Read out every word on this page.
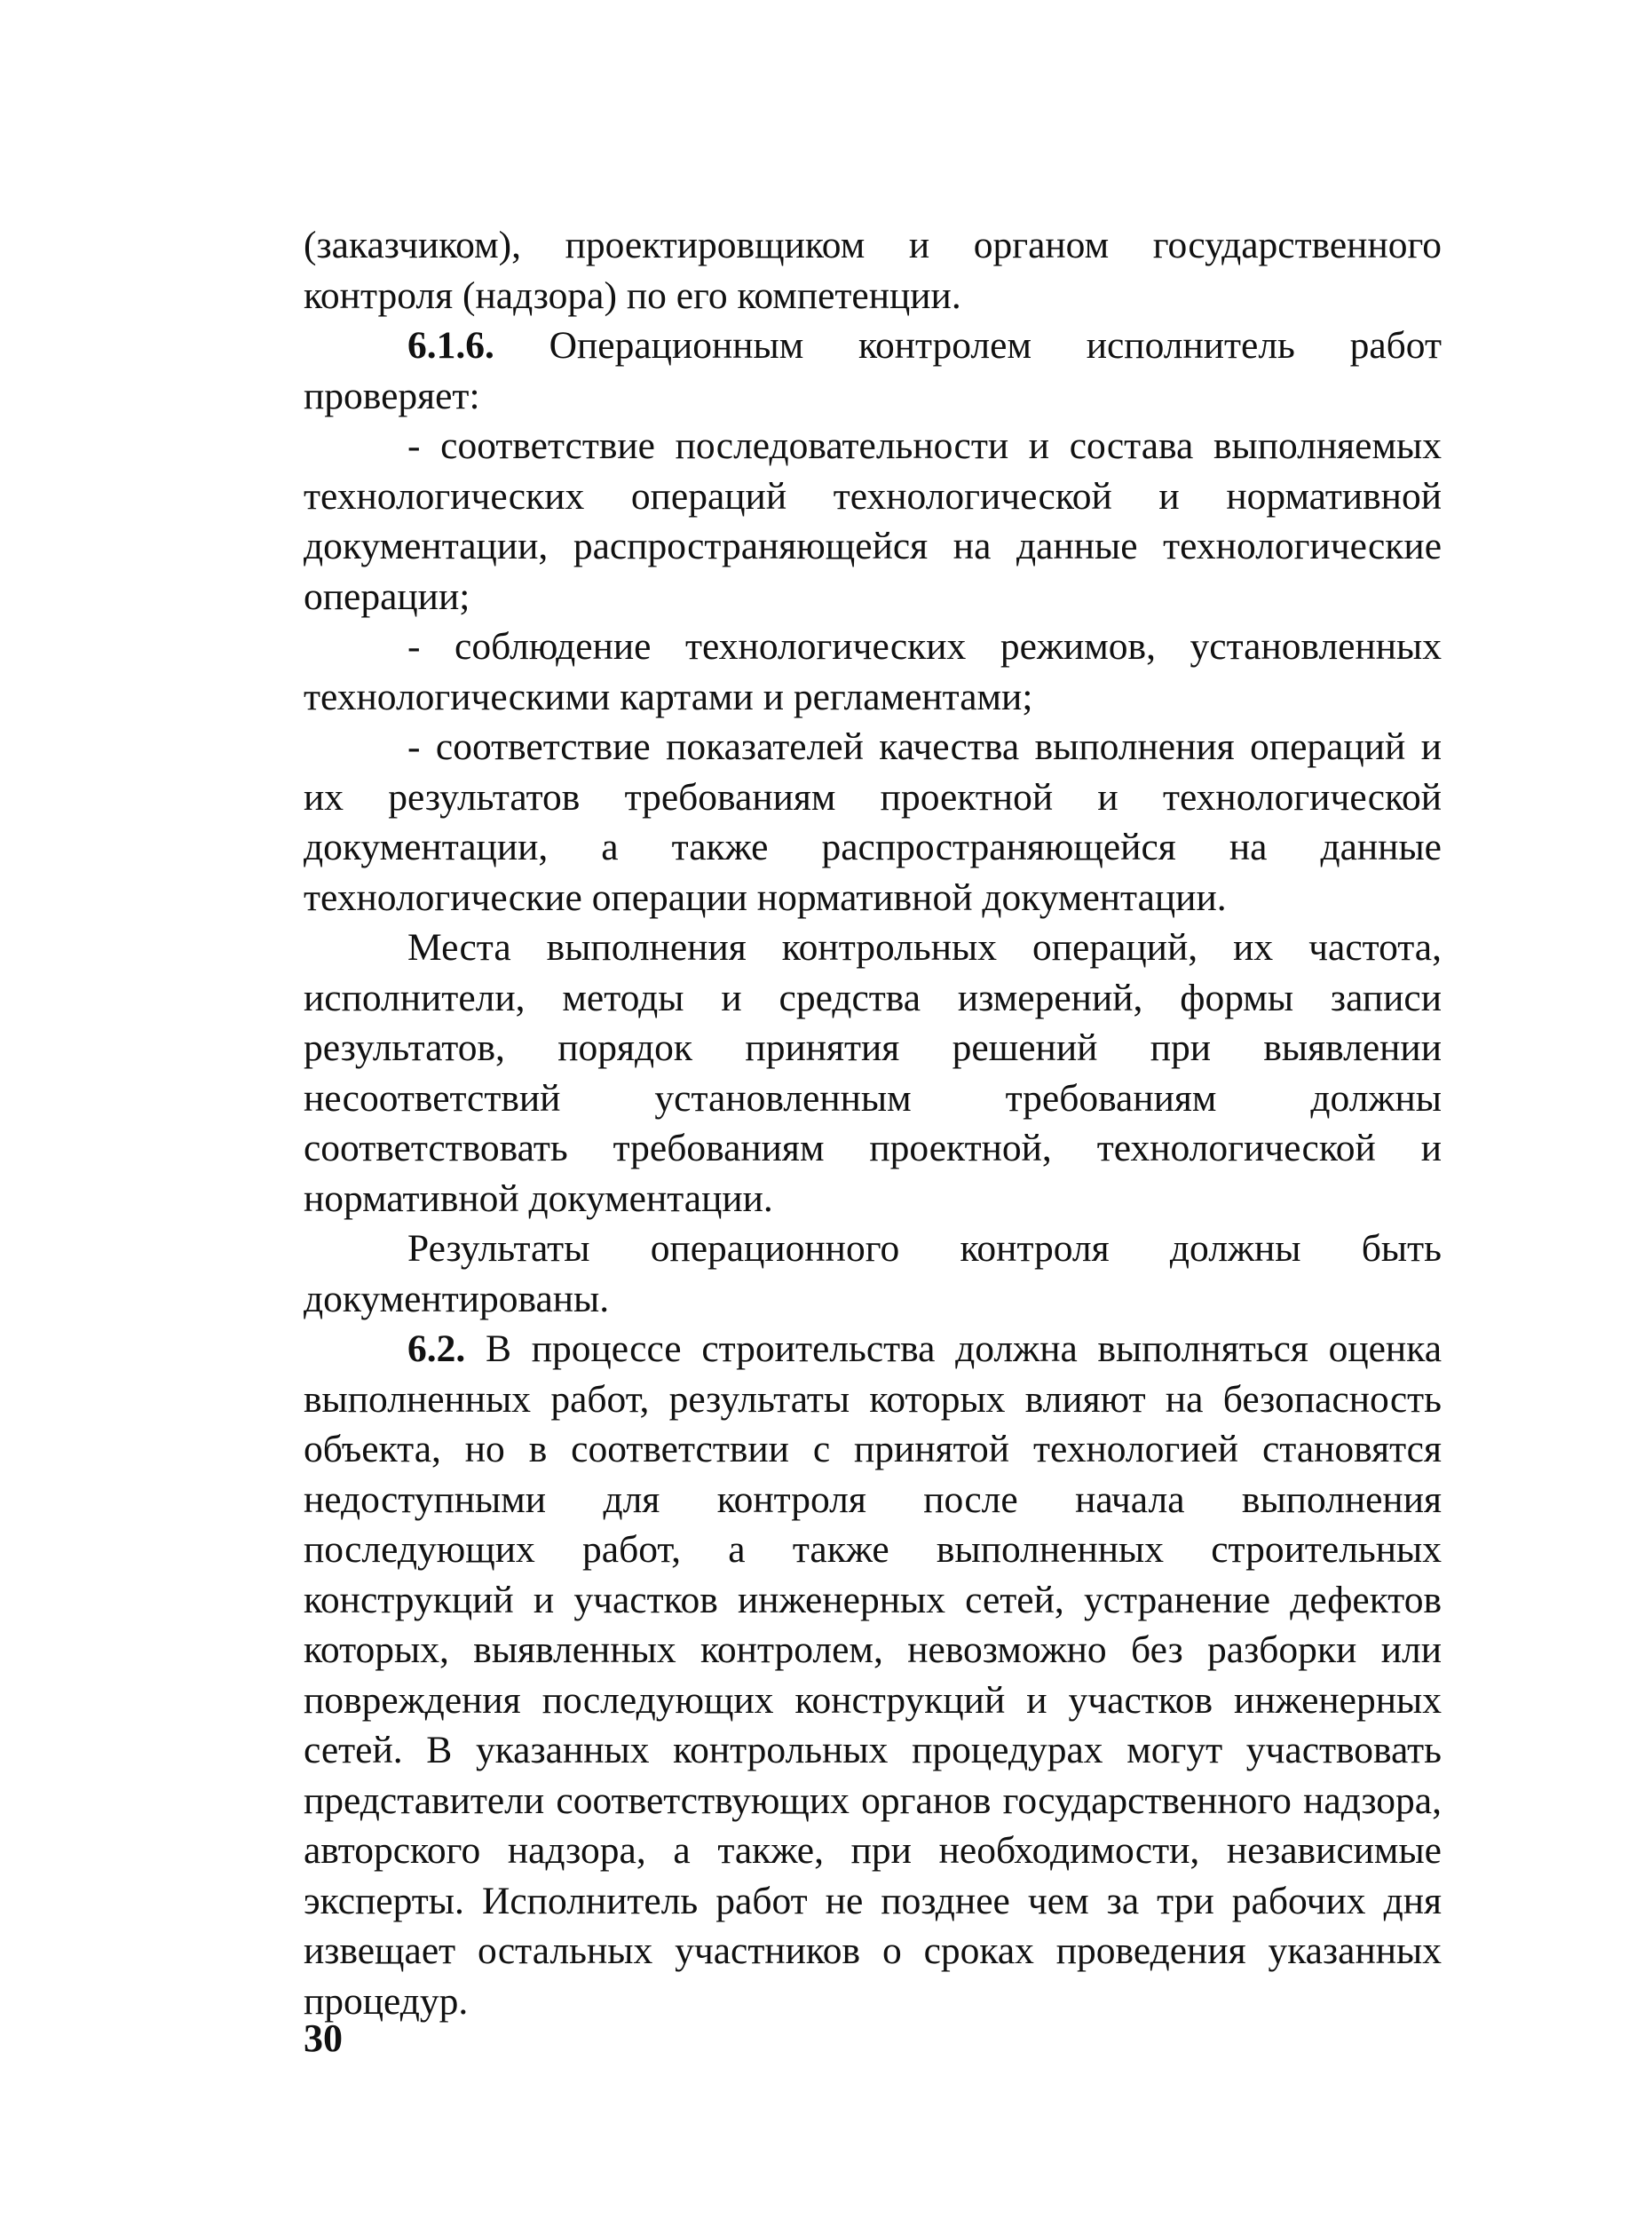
(заказчиком), проектировщиком и органом государственного контроля (надзора) по его компетенции.

6.1.6. Операционным контролем исполнитель работ проверяет:

- соответствие последовательности и состава выполняемых технологических операций технологической и нормативной документации, распространяющейся на данные технологические операции;

- соблюдение технологических режимов, установленных технологическими картами и регламентами;

- соответствие показателей качества выполнения операций и их результатов требованиям проектной и технологической документации, а также распространяющейся на данные технологические операции нормативной документации.

Места выполнения контрольных операций, их частота, исполнители, методы и средства измерений, формы записи результатов, порядок принятия решений при выявлении несоответствий установленным требованиям должны соответствовать требованиям проектной, технологической и нормативной документации.

Результаты операционного контроля должны быть документированы.

6.2. В процессе строительства должна выполняться оценка выполненных работ, результаты которых влияют на безопасность объекта, но в соответствии с принятой технологией становятся недоступными для контроля после начала выполнения последующих работ, а также выполненных строительных конструкций и участков инженерных сетей, устранение дефектов которых, выявленных контролем, невозможно без разборки или повреждения последующих конструкций и участков инженерных сетей. В указанных контрольных процедурах могут участвовать представители соответствующих органов государственного надзора, авторского надзора, а также, при необходимости, независимые эксперты. Исполнитель работ не позднее чем за три рабочих дня извещает остальных участников о сроках проведения указанных процедур.

30
